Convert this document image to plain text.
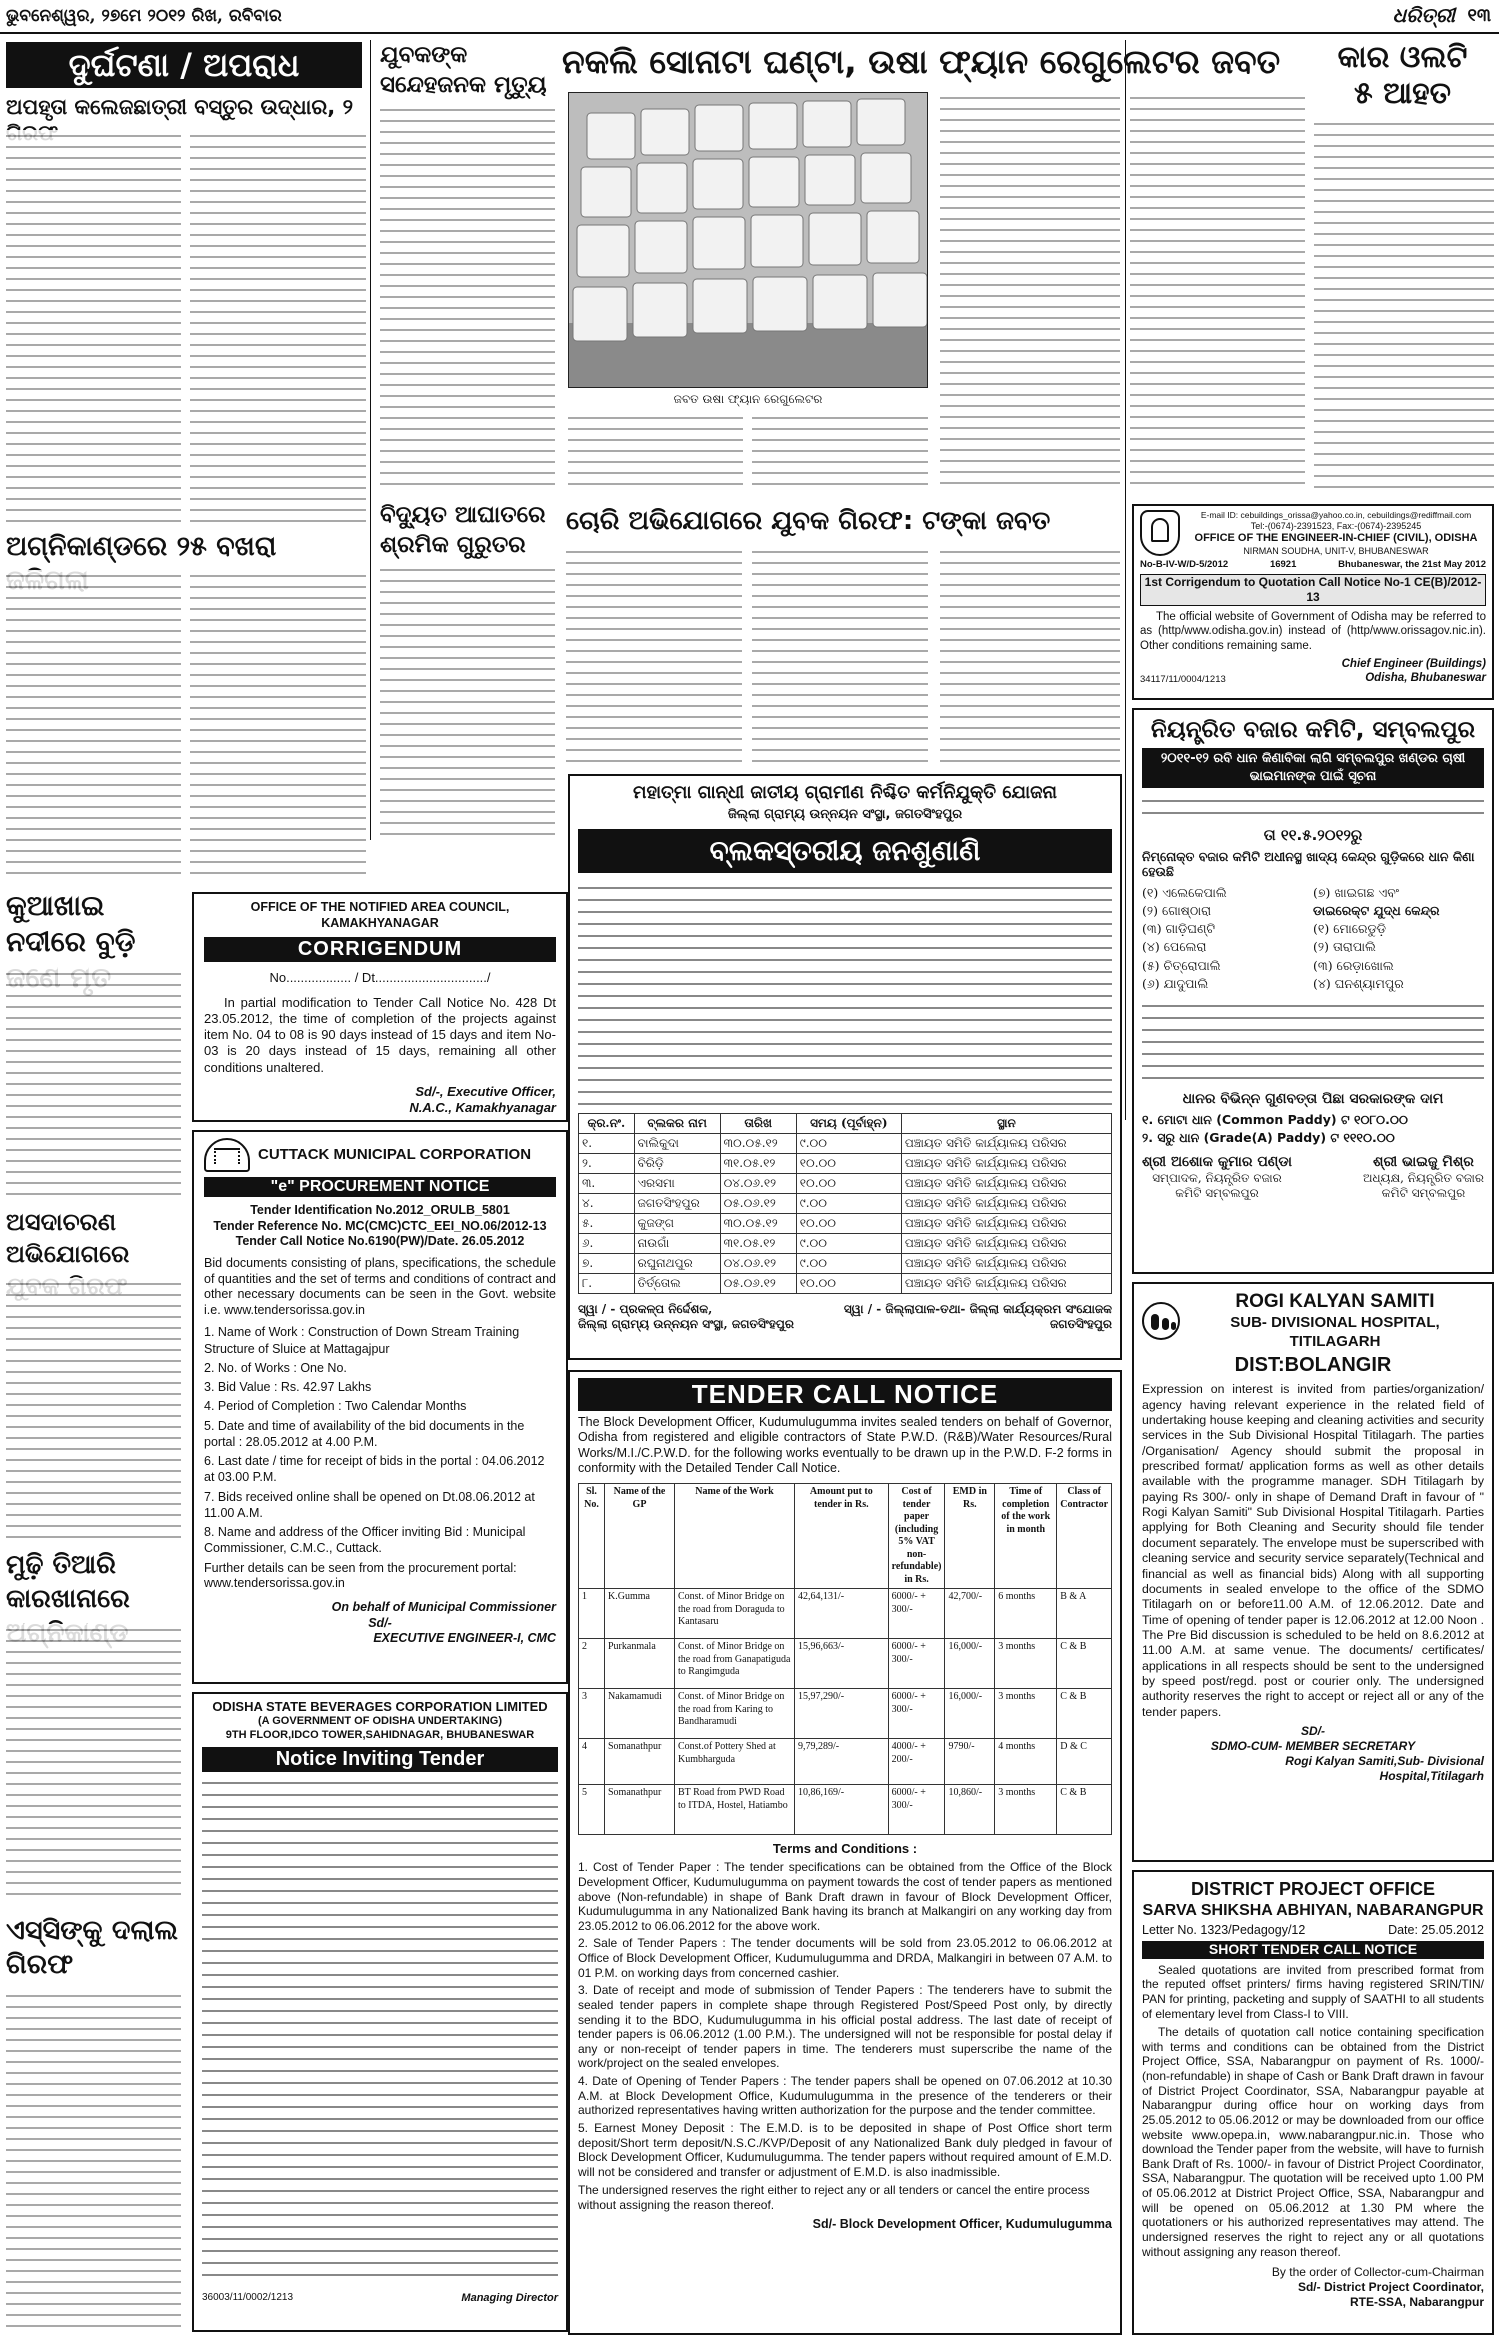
ଭୁବନେଶ୍ୱର, ୨୭ମେ ୨୦୧୨ ରିଖ, ରବିବାର	ଧରିତ୍ରୀ ୧୩
ଦୁର୍ଘଟଣା / ଅପରାଧ
ଅପହୃତା କଲେଜଛାତ୍ରୀ ବସ୍ତୁର ଉଦ୍ଧାର, ୨
ଅଗ୍ନିକାଣ୍ଡରେ ୨୫ ବଖରା
କୁଆଖାଇ ନଦୀରେ ବୁଡ଼ି
ଅସଦାଚରଣ ଅଭିଯୋଗରେ
ମୁଢ଼ି ତିଆରି କାରଖାନାରେ
ଏସ୍‌ସିଙ୍କୁ ଦଲାଲ ଗିରଫ
OFFICE OF THE NOTIFIED AREA COUNCIL, KAMAKHYANAGAR
CORRIGENDUM
No.................. / Dt.............................../
In partial modification to Tender Call Notice No. 428 Dt 23.05.2012, the time of completion of the projects against item No. 04 to 08 is 90 days instead of 15 days and item No-03 is 20 days instead of 15 days, remaining all other conditions unaltered.
Sd/-, Executive Officer,
N.A.C., Kamakhyanagar
CUTTACK MUNICIPAL CORPORATION
"e" PROCUREMENT NOTICE
Tender Identification No.2012_ORULB_5801
Tender Reference No. MC(CMC)CTC_EEI_NO.06/2012-13
Tender Call Notice No.6190(PW)/Date. 26.05.2012
Bid documents consisting of plans, specifications, the schedule of quantities and the set of terms and conditions of contract and other necessary documents can be seen in the Govt. website i.e. www.tendersorissa.gov.in
1. Name of Work : Construction of Down Stream Training Structure of Sluice at Mattagajpur
2. No. of Works : One No.
3. Bid Value : Rs. 42.97 Lakhs
4. Period of Completion : Two Calendar Months
5. Date and time of availability of the bid documents in the portal : 28.05.2012 at 4.00 P.M.
6. Last date / time for receipt of bids in the portal : 04.06.2012 at 03.00 P.M.
7. Bids received online shall be opened on Dt.08.06.2012 at 11.00 A.M.
8. Name and address of the Officer inviting Bid : Municipal Commissioner, C.M.C., Cuttack.
Further details can be seen from the procurement portal: www.tendersorissa.gov.in
On behalf of Municipal Commissioner
Sd/-
EXECUTIVE ENGINEER-I, CMC
ODISHA STATE BEVERAGES CORPORATION LIMITED
(A GOVERNMENT OF ODISHA UNDERTAKING)
9TH FLOOR,IDCO TOWER,SAHIDNAGAR, BHUBANESWAR
Notice Inviting Tender
36003/11/0002/1213	Managing Director
ଯୁବକଙ୍କ ସନ୍ଦେହଜନକ ମୃତ୍ୟୁ
ବିଦ୍ୟୁତ ଆଘାତରେ ଶ୍ରମିକ ଗୁରୁତର
ନକଲି ସୋନାଟା ଘଣ୍ଟା, ଉଷା ଫ୍ୟାନ ରେଗୁଲେଟର ଜବତ
ଜବତ ଉଷା ଫ୍ୟାନ ରେଗୁଲେଟର
ଚୋରି ଅଭିଯୋଗରେ ଯୁବକ ଗିରଫ: ଟଙ୍କା ଜବତ
ମହାତ୍ମା ଗାନ୍ଧୀ ଜାତୀୟ ଗ୍ରାମୀଣ ନିଶ୍ଚିତ କର୍ମନିଯୁକ୍ତି ଯୋଜନା
ଜିଲ୍ଲା ଗ୍ରାମ୍ୟ ଉନ୍ନୟନ ସଂସ୍ଥା, ଜଗତସିଂହପୁର
ବ୍ଲକସ୍ତରୀୟ ଜନଶୁଣାଣି
କ୍ର.ନଂ.	ବ୍ଲକର ନାମ	ତାରିଖ	ସମୟ (ପୂର୍ବାହ୍ନ)	ସ୍ଥାନ
୧.	ବାଲିକୁଦା	୩୦.୦୫.୧୨	୯.୦୦	ପଞ୍ଚାୟତ ସମିତି କାର୍ଯ୍ୟାଳୟ ପରିସର
୨.	ବିରିଡ଼ି	୩୧.୦୫.୧୨	୧୦.୦୦	ପଞ୍ଚାୟତ ସମିତି କାର୍ଯ୍ୟାଳୟ ପରିସର
୩.	ଏରସମା	୦୪.୦୬.୧୨	୧୦.୦୦	ପଞ୍ଚାୟତ ସମିତି କାର୍ଯ୍ୟାଳୟ ପରିସର
୪.	ଜଗତସିଂହପୁର	୦୫.୦୬.୧୨	୯.୦୦	ପଞ୍ଚାୟତ ସମିତି କାର୍ଯ୍ୟାଳୟ ପରିସର
୫.	କୁଜଙ୍ଗ	୩୦.୦୫.୧୨	୧୦.୦୦	ପଞ୍ଚାୟତ ସମିତି କାର୍ଯ୍ୟାଳୟ ପରିସର
୬.	ନାଉଗାଁ	୩୧.୦୫.୧୨	୯.୦୦	ପଞ୍ଚାୟତ ସମିତି କାର୍ଯ୍ୟାଳୟ ପରିସର
୭.	ରଘୁନାଥପୁର	୦୪.୦୬.୧୨	୯.୦୦	ପଞ୍ଚାୟତ ସମିତି କାର୍ଯ୍ୟାଳୟ ପରିସର
୮.	ତିର୍ତ୍ତୋଲ	୦୫.୦୬.୧୨	୧୦.୦୦	ପଞ୍ଚାୟତ ସମିତି କାର୍ଯ୍ୟାଳୟ ପରିସର
ସ୍ୱା / - ପ୍ରକଳ୍ପ ନିର୍ଦ୍ଦେଶକ,
ଜିଲ୍ଲା ଗ୍ରାମ୍ୟ ଉନ୍ନୟନ ସଂସ୍ଥା, ଜଗତସିଂହପୁର
ସ୍ୱା / - ଜିଲ୍ଲାପାଳ-ତଥା- ଜିଲ୍ଲା କାର୍ଯ୍ୟକ୍ରମ ସଂଯୋଜକ
ଜଗତସିଂହପୁର
TENDER CALL NOTICE
The Block Development Officer, Kudumulugumma invites sealed tenders on behalf of Governor, Odisha from registered and eligible contractors of State P.W.D. (R&B)/Water Resources/Rural Works/M.I./C.P.W.D. for the following works eventually to be drawn up in the P.W.D. F-2 forms in conformity with the Detailed Tender Call Notice.
Sl. No.	Name of the GP	Name of the Work	Amount put to tender in Rs.	Cost of tender paper (including 5% VAT non-refundable) in Rs.	EMD in Rs.	Time of completion of the work in month	Class of Contractor
1	K.Gumma	Const. of Minor Bridge on the road from Doraguda to Kantasaru	42,64,131/-	6000/- + 300/-	42,700/-	6 months	B & A
2	Purkanmala	Const. of Minor Bridge on the road from Ganapatiguda to Rangimguda	15,96,663/-	6000/- + 300/-	16,000/-	3 months	C & B
3	Nakamamudi	Const. of Minor Bridge on the road from Karing to Bandharamudi	15,97,290/-	6000/- + 300/-	16,000/-	3 months	C & B
4	Somanathpur	Const.of Pottery Shed at Kumbharguda	9,79,289/-	4000/- + 200/-	9790/-	4 months	D & C
5	Somanathpur	BT Road from PWD Road to ITDA, Hostel, Hatiambo	10,86,169/-	6000/- + 300/-	10,860/-	3 months	C & B
Terms and Conditions :
1. Cost of Tender Paper : The tender specifications can be obtained from the Office of the Block Development Officer, Kudumulugumma on payment towards the cost of tender papers as mentioned above (Non-refundable) in shape of Bank Draft drawn in favour of Block Development Officer, Kudumulugumma in any Nationalized Bank having its branch at Malkangiri on any working day from 23.05.2012 to 06.06.2012 for the above work.
2. Sale of Tender Papers : The tender documents will be sold from 23.05.2012 to 06.06.2012 at Office of Block Development Officer, Kudumulugumma and DRDA, Malkangiri in between 07 A.M. to 01 P.M. on working days from concerned cashier.
3. Date of receipt and mode of submission of Tender Papers : The tenderers have to submit the sealed tender papers in complete shape through Registered Post/Speed Post only, by directly sending it to the BDO, Kudumulugumma in his official postal address. The last date of receipt of tender papers is 06.06.2012 (1.00 P.M.). The undersigned will not be responsible for postal delay if any or non-receipt of tender papers in time. The tenderers must superscribe the name of the work/project on the sealed envelopes.
4. Date of Opening of Tender Papers : The tender papers shall be opened on 07.06.2012 at 10.30 A.M. at Block Development Office, Kudumulugumma in the presence of the tenderers or their authorized representatives having written authorization for the purpose and the tender committee.
5. Earnest Money Deposit : The E.M.D. is to be deposited in shape of Post Office short term deposit/Short term deposit/N.S.C./KVP/Deposit of any Nationalized Bank duly pledged in favour of Block Development Officer, Kudumulugumma. The tender papers without required amount of E.M.D. will not be considered and transfer or adjustment of E.M.D. is also inadmissible.
The undersigned reserves the right either to reject any or all tenders or cancel the entire process without assigning the reason thereof.
Sd/- Block Development Officer, Kudumulugumma
କାର ଓଲଟି
୫ ଆହତ
E-mail ID: cebuildings_orissa@yahoo.co.in, cebuildings@rediffmail.com
Tel:-(0674)-2391523, Fax:-(0674)-2395245
OFFICE OF THE ENGINEER-IN-CHIEF (CIVIL), ODISHA
NIRMAN SOUDHA, UNIT-V, BHUBANESWAR
No-B-IV-W/D-5/2012	16921	Bhubaneswar, the 21st May 2012
1st Corrigendum to Quotation Call Notice No-1 CE(B)/2012-13
The official website of Government of Odisha may be referred to as (http/www.odisha.gov.in) instead of (http/www.orissagov.nic.in). Other conditions remaining same.
34117/11/0004/1213
Chief Engineer (Buildings)
Odisha, Bhubaneswar
ନିୟନ୍ତ୍ରିତ ବଜାର କମିଟି, ସମ୍ବଲପୁର
୨୦୧୧-୧୨ ରବି ଧାନ କିଣାବିକା ଲାଗି ସମ୍ବଲପୁର ଖଣ୍ଡର ଚାଷୀ ଭାଇମାନଙ୍କ ପାଇଁ ସୂଚନା
ତା ୧୧.୫.୨୦୧୨ରୁ
ନିମ୍ନୋକ୍ତ ବଜାର କମିଟି ଅଧୀନସ୍ଥ ଖାଦ୍ୟ କେନ୍ଦ୍ର ଗୁଡ଼ିକରେ ଧାନ କିଣା ହେଉଛି
(୧) ଏଲେକେପାଲି
(୨) ଗୋଷ୍ଠାରା
(୩) ଗାଡ଼ିଘଣ୍ଟି
(୪) ପେଲେରା
(୫) ଚିତ୍ରୋପାଲି
(୬) ଯାଦୁପାଲି
(୭) ଖାଇଗଛ ଏବଂ
ଡାଇରେକ୍ଟ ଯୁଦ୍ଧ କେନ୍ଦ୍ର
(୧) ମୋରେଡୁଡ଼ି
(୨) ତାରାପାଲି
(୩) ରେଡ଼ାଖୋଲ
(୪) ଘନଶ୍ୟାମପୁର
ଧାନର ବିଭିନ୍ନ ଗୁଣବତ୍ତା ପିଛା ସରକାରଙ୍କ ଦାମ
୧. ମୋଟା ଧାନ (Common Paddy) ଟ ୧୦୮୦.୦୦
୨. ସରୁ ଧାନ (Grade(A) Paddy) ଟ ୧୧୧୦.୦୦
ଶ୍ରୀ ଅଶୋକ କୁମାର ପଣ୍ଡା
ସମ୍ପାଦକ, ନିୟନ୍ତ୍ରିତ ବଜାର
କମିଟି ସମ୍ବଲପୁର
ଶ୍ରୀ ଭାଇଜୁ ମିଶ୍ର
ଅଧ୍ୟକ୍ଷ, ନିୟନ୍ତ୍ରିତ ବଜାର
କମିଟି ସମ୍ବଲପୁର
ROGI KALYAN SAMITI
SUB- DIVISIONAL HOSPITAL, TITILAGARH
DIST:BOLANGIR
Expression on interest is invited from parties/organization/ agency having relevant experience in the related field of undertaking house keeping and cleaning activities and security services in the Sub Divisional Hospital Titilagarh. The parties /Organisation/ Agency should submit the proposal in prescribed format/ application forms as well as other details available with the programme manager. SDH Titilagarh by paying Rs 300/- only in shape of Demand Draft in favour of " Rogi Kalyan Samiti" Sub Divisional Hospital Titilagarh. Parties applying for Both Cleaning and Security should file tender document separately. The envelope must be superscribed with cleaning service and security service separately(Technical and financial as well as financial bids) Along with all supporting documents in sealed envelope to the office of the SDMO Titilagarh on or before11.00 A.M. of 12.06.2012. Date and Time of opening of tender paper is 12.06.2012 at 12.00 Noon . The Pre Bid discussion is scheduled to be held on 8.6.2012 at 11.00 A.M. at same venue. The documents/ certificates/ applications in all respects should be sent to the undersigned by speed post/regd. post or courier only. The undersigned authority reserves the right to accept or reject all or any of the tender papers.
SD/-
SDMO-CUM- MEMBER SECRETARY
Rogi Kalyan Samiti,Sub- Divisional
Hospital,Titilagarh
DISTRICT PROJECT OFFICE
SARVA SHIKSHA ABHIYAN, NABARANGPUR
Letter No. 1323/Pedagogy/12	Date: 25.05.2012
SHORT TENDER CALL NOTICE
Sealed quotations are invited from prescribed format from the reputed offset printers/ firms having registered SRIN/TIN/ PAN for printing, packeting and supply of SAATHI to all students of elementary level from Class-I to VIII.
The details of quotation call notice containing specification with terms and conditions can be obtained from the District Project Office, SSA, Nabarangpur on payment of Rs. 1000/- (non-refundable) in shape of Cash or Bank Draft drawn in favour of District Project Coordinator, SSA, Nabarangpur payable at Nabarangpur during office hour on working days from 25.05.2012 to 05.06.2012 or may be downloaded from our office website www.opepa.in, www.nabarangpur.nic.in. Those who download the Tender paper from the website, will have to furnish Bank Draft of Rs. 1000/- in favour of District Project Coordinator, SSA, Nabarangpur. The quotation will be received upto 1.00 PM of 05.06.2012 at District Project Office, SSA, Nabarangpur and will be opened on 05.06.2012 at 1.30 PM where the quotationers or his authorized representatives may attend. The undersigned reserves the right to reject any or all quotations without assigning any reason thereof.
By the order of Collector-cum-Chairman
Sd/- District Project Coordinator,
RTE-SSA, Nabarangpur
